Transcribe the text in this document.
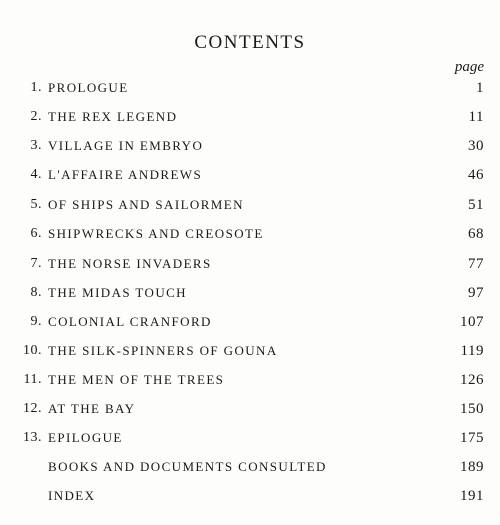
CONTENTS
page
1. PROLOGUE	1
2. THE REX LEGEND	11
3. VILLAGE IN EMBRYO	30
4. L'AFFAIRE ANDREWS	46
5. OF SHIPS AND SAILORMEN	51
6. SHIPWRECKS AND CREOSOTE	68
7. THE NORSE INVADERS	77
8. THE MIDAS TOUCH	97
9. COLONIAL CRANFORD	107
10. THE SILK-SPINNERS OF GOUNA	119
11. THE MEN OF THE TREES	126
12. AT THE BAY	150
13. EPILOGUE	175
BOOKS AND DOCUMENTS CONSULTED	189
INDEX	191
